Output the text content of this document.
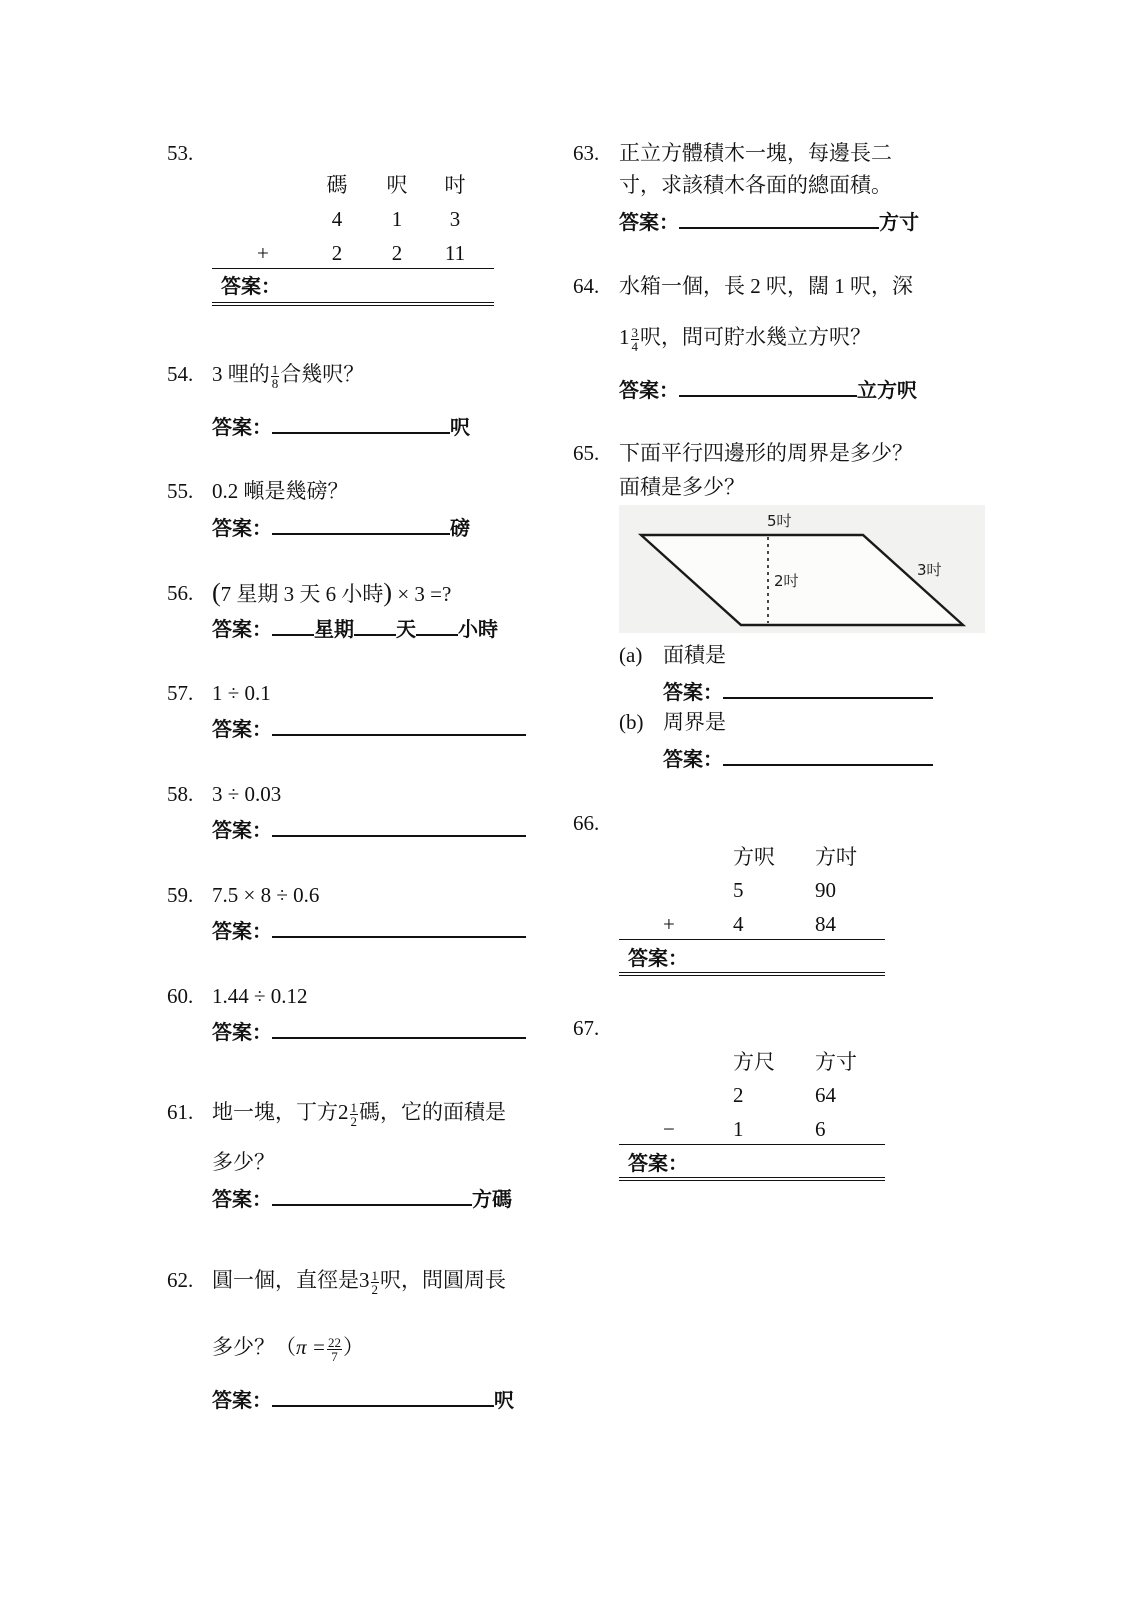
53.
碼 呎 吋
4	1	3
+	2	2	11
答案：
54. 3 哩的 $\frac{1}{8}$ 合幾呎？
答案：	呎
55. 0.2 噸是幾磅？
答案：	磅
56. (7 星期 3 天 6 小時) × 3 =?
答案： 星期 天 小時
57. 1 ÷ 0.1
答案：
58. 3 ÷ 0.03
答案：
59. 7.5 × 8 ÷ 0.6
答案：
60. 1.44 ÷ 0.12
答案：
61. 地一塊，丁方$2 \frac{1}{2}$ 碼，它的面積是
多少？
答案：	方碼
62. 圓一個，直徑是$3 \frac{1}{2}$ 呎，問圓周長
多少？（$\pi = \frac{22}{7}$ ）
答案：	呎
63. 正立方體積木一塊，每邊長二
寸，求該積木各面的總面積。
答案：	方寸
64. 水箱一個，長 2 呎，闊 1 呎，深
$1 \frac{3}{4}$ 呎，問可貯水幾立方呎？
答案：	立方呎
65. 下面平行四邊形的周界是多少？
面積是多少？
5吋
2吋
3吋
(a) 面積是
答案：
(b) 周界是
答案：
66.
方呎 方吋
5	90
+	4	84
答案：
67.
方尺 方寸
2	64
−	1	6
答案：
